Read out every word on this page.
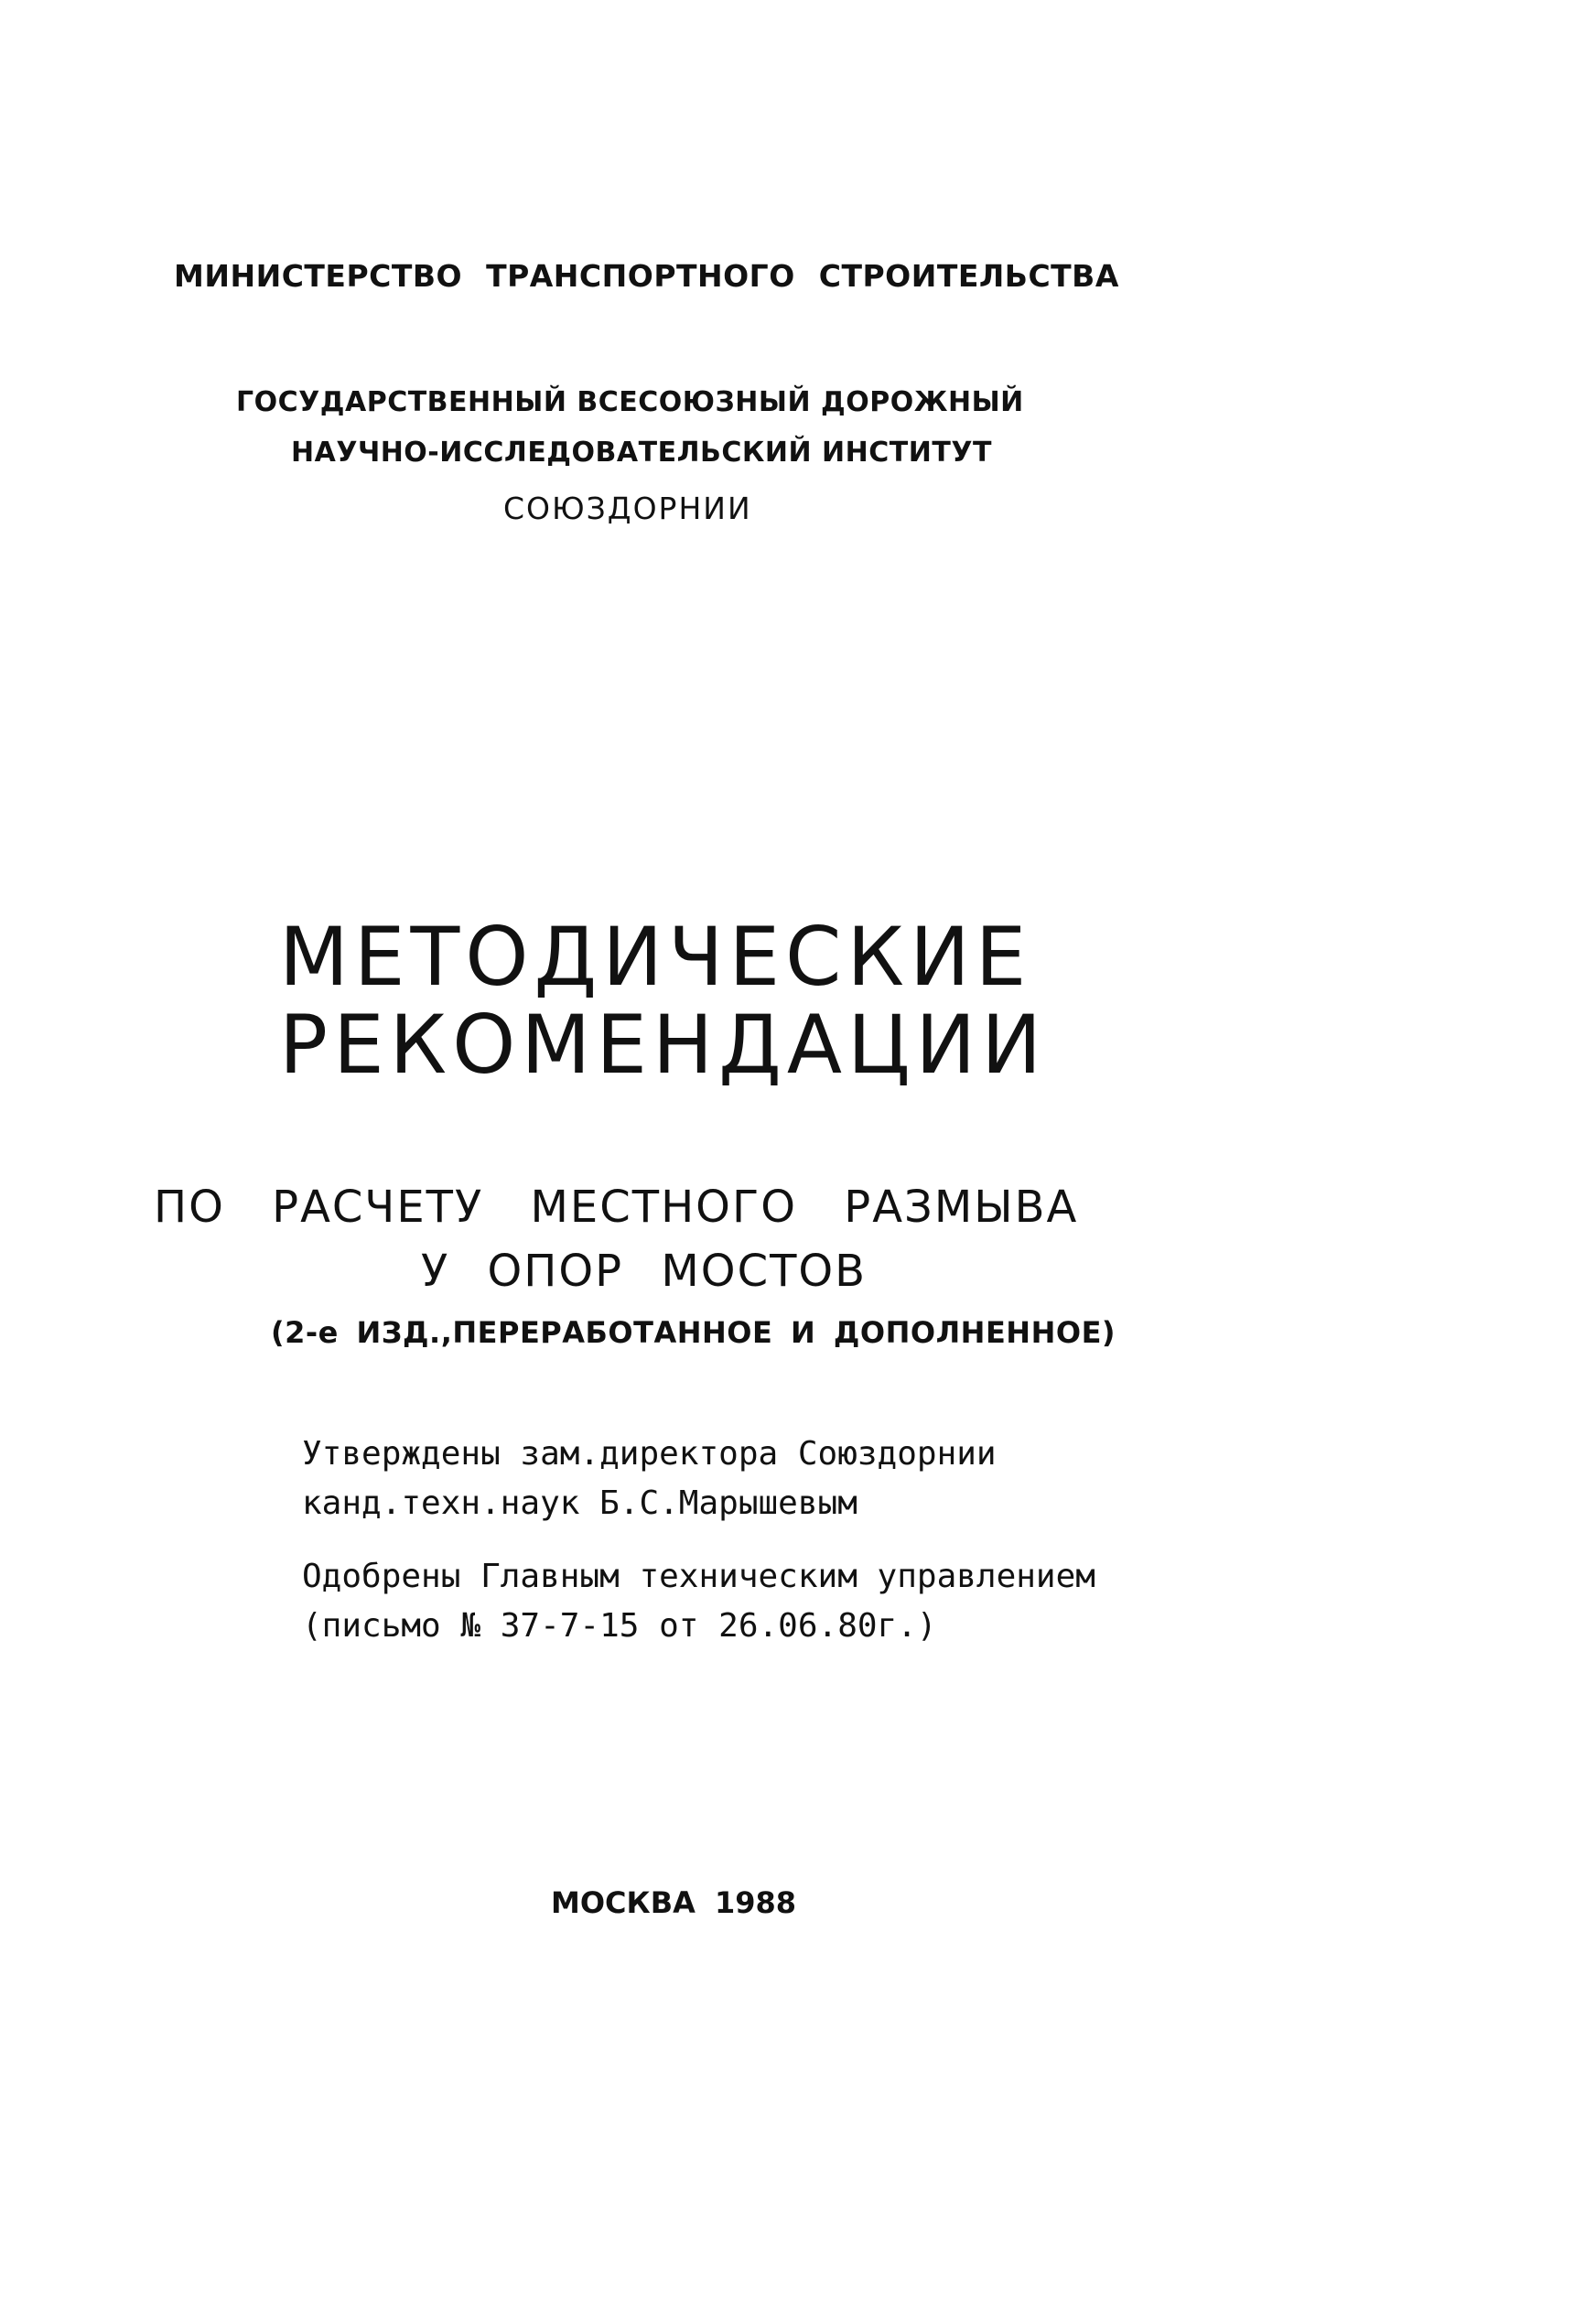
МИНИСТЕРСТВО ТРАНСПОРТНОГО СТРОИТЕЛЬСТВА

ГОСУДАРСТВЕННЫЙ ВСЕСОЮЗНЫЙ ДОРОЖНЫЙ

НАУЧНО-ИССЛЕДОВАТЕЛЬСКИЙ ИНСТИТУТ

СОЮЗДОРНИИ

МЕТОДИЧЕСКИЕ
РЕКОМЕНДАЦИИ
ПО РАСЧЕТУ МЕСТНОГО РАЗМЫВА
У ОПОР МОСТОВ

(2-е ИЗД.,ПЕРЕРАБОТАННОЕ И ДОПОЛНЕННОЕ)

Утверждены зам.директора Союздорнии

канд.техн.наук Б.С.Марышевым

Одобрены Главным техническим управлением

(письмо № 37-7-15 от 26.06.80г.)

МОСКВА 1988
